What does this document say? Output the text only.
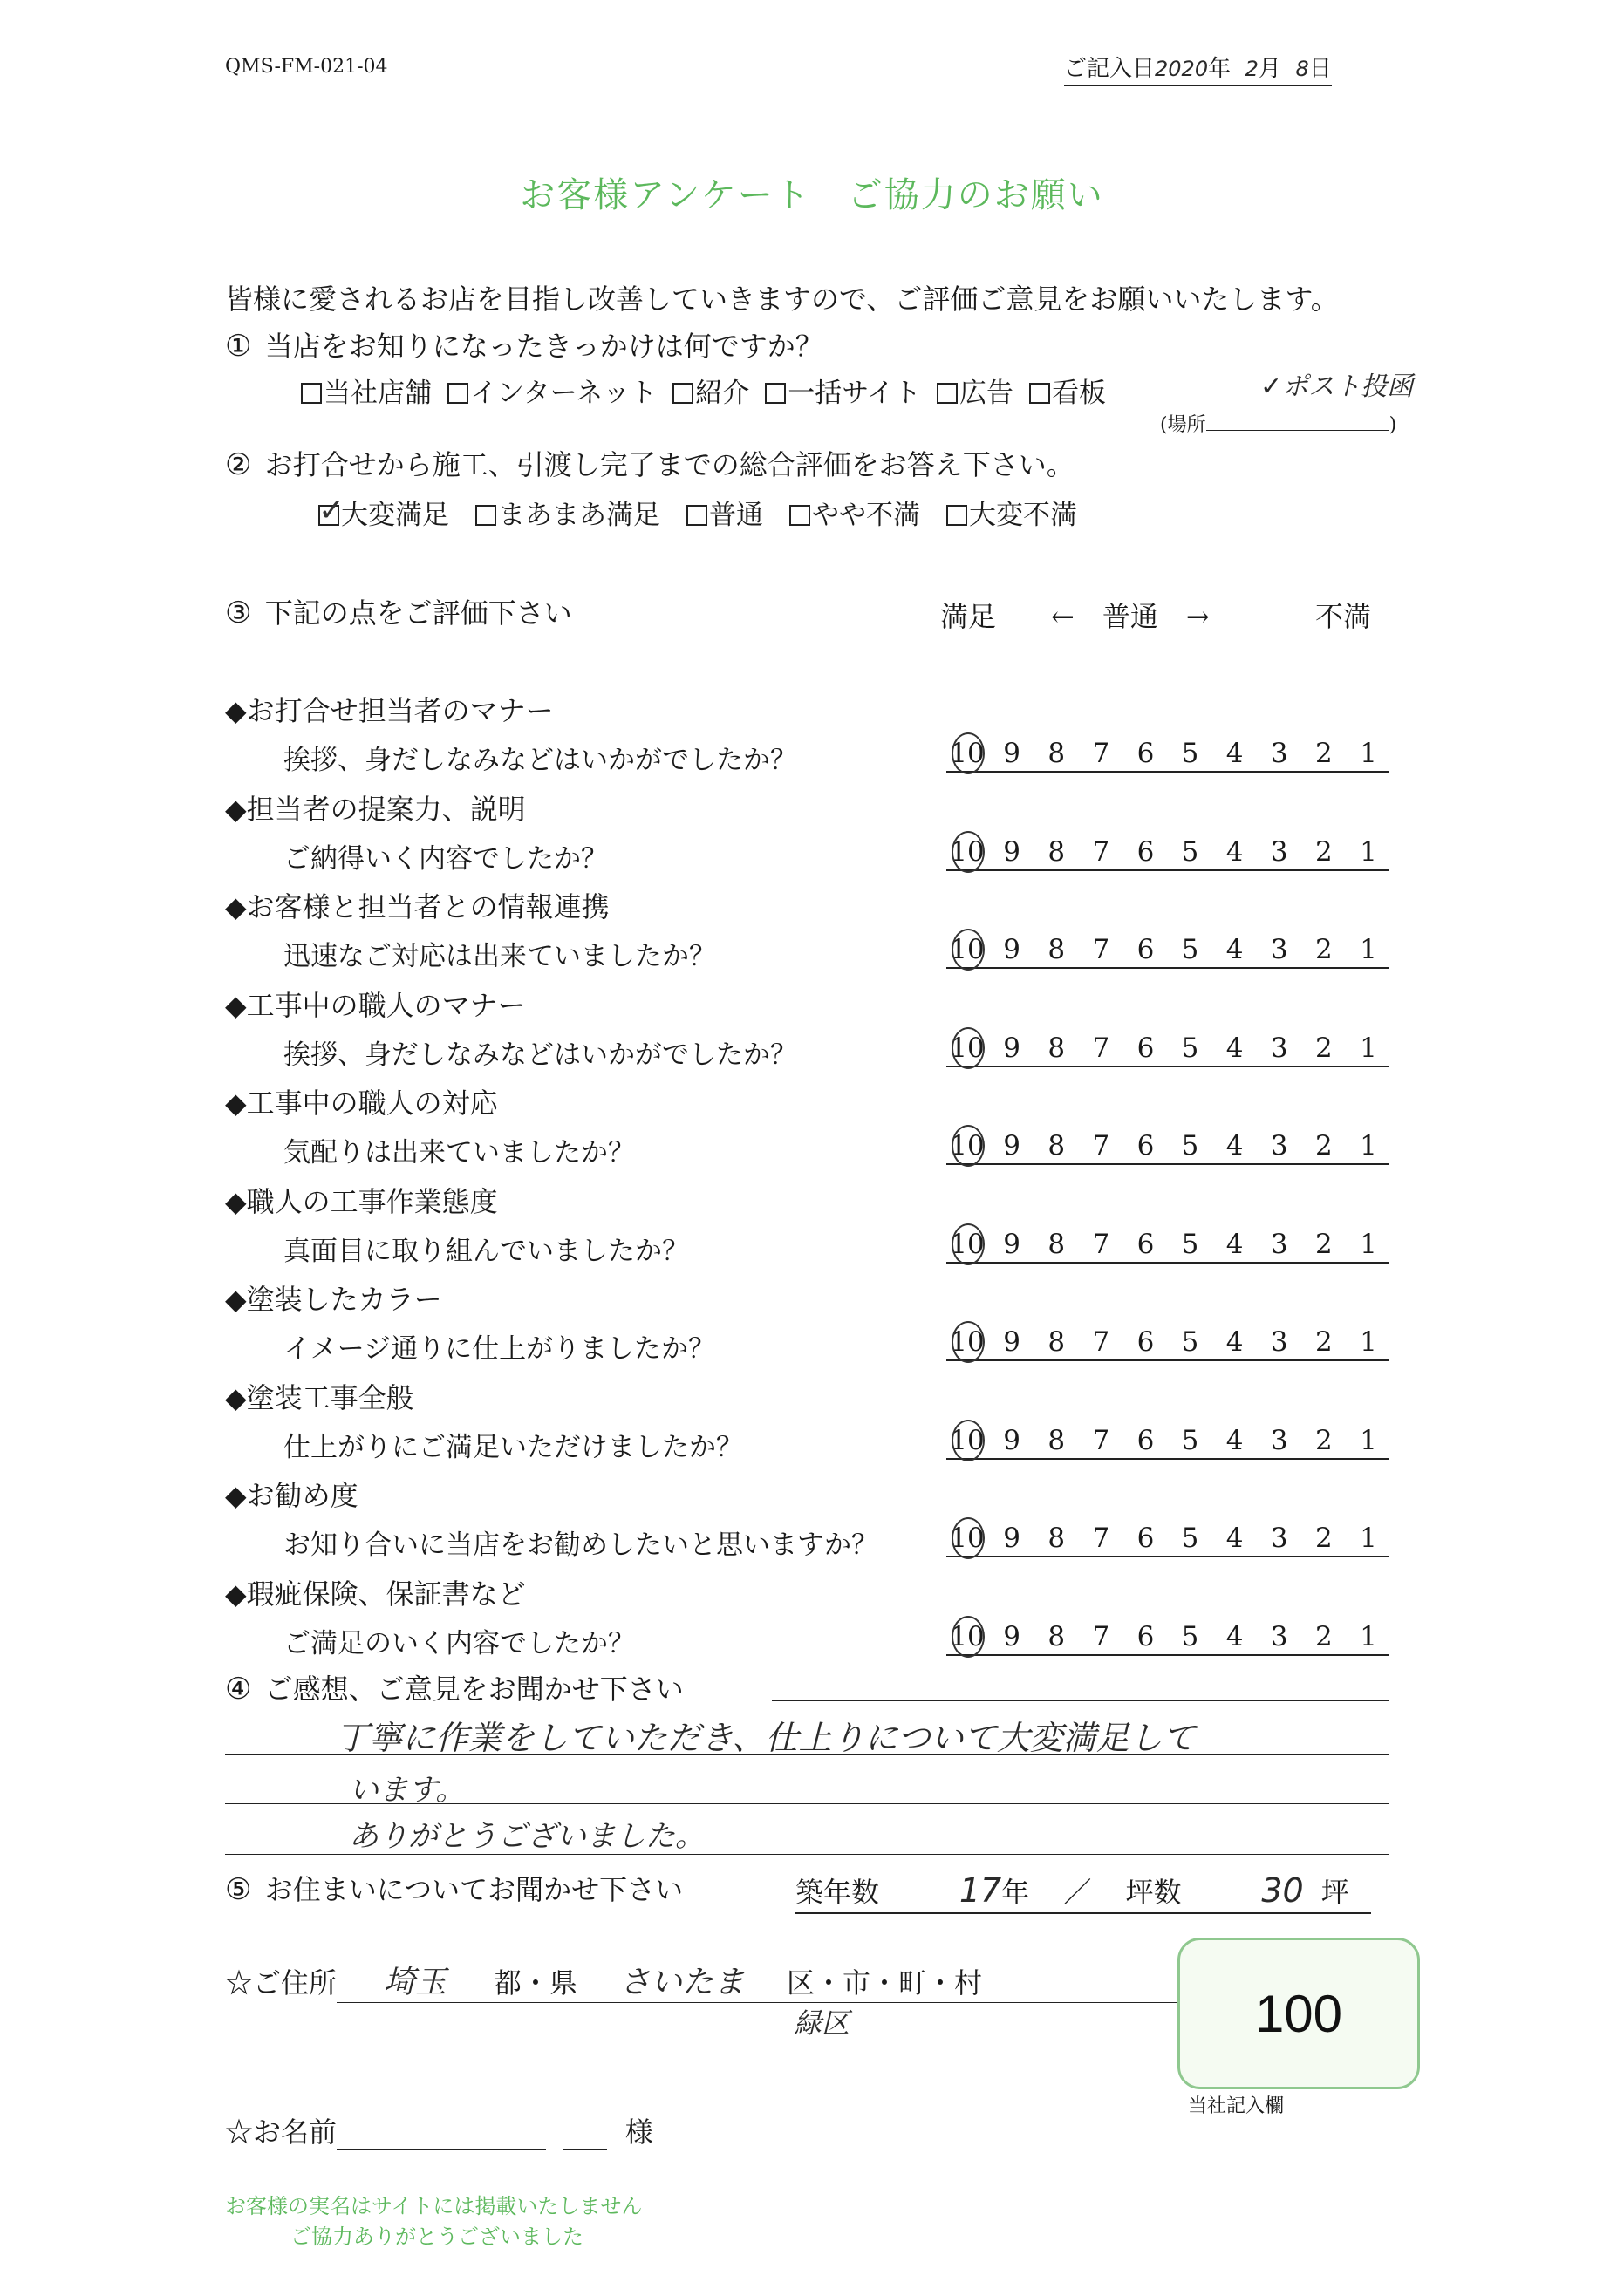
QMS-FM-021-04	ご記入日2020年 2月 8日
お客様アンケート　ご協力のお願い
皆様に愛されるお店を目指し改善していきますので、ご評価ご意見をお願いいたします。
① 当店をお知りになったきっかけは何ですか？
当社店舗 インターネット 紹介 一括サイト 広告 看板	✓ポスト投函
(場所	)
② お打合せから施工、引渡し完了までの総合評価をお答え下さい。
✓
大変満足 まあまあ満足 普通 やや不満 大変不満
③ 下記の点をご評価下さい	満足 ←　普通　→	不満
◆お打合せ担当者のマナー
挨拶、身だしなみなどはいかがでしたか？	10 9	8	7	6	5	4	3	2	1
◆担当者の提案力、説明
ご納得いく内容でしたか？	10 9	8	7	6	5	4	3	2	1
◆お客様と担当者との情報連携
迅速なご対応は出来ていましたか？	10 9	8	7	6	5	4	3	2	1
◆工事中の職人のマナー
挨拶、身だしなみなどはいかがでしたか？	10 9	8	7	6	5	4	3	2	1
◆工事中の職人の対応
気配りは出来ていましたか？	10 9	8	7	6	5	4	3	2	1
◆職人の工事作業態度
真面目に取り組んでいましたか？	10 9	8	7	6	5	4	3	2	1
◆塗装したカラー
イメージ通りに仕上がりましたか？	10 9	8	7	6	5	4	3	2	1
◆塗装工事全般
仕上がりにご満足いただけましたか？	10 9	8	7	6	5	4	3	2	1
◆お勧め度
お知り合いに当店をお勧めしたいと思いますか？	10 9	8	7	6	5	4	3	2	1
◆瑕疵保険、保証書など
ご満足のいく内容でしたか？	10 9	8	7	6	5	4	3	2	1
④ ご感想、ご意見をお聞かせ下さい
丁寧に作業をしていただき、仕上りについて大変満足して
います。
ありがとうございました。
⑤ お住まいについてお聞かせ下さい	築年数 17年 ／ 坪数 30 坪
☆ご住所 埼玉 都・県 さいたま 区・市・町・村
緑区	100
当社記入欄
☆お名前	様
お客様の実名はサイトには掲載いたしません
ご協力ありがとうございました
